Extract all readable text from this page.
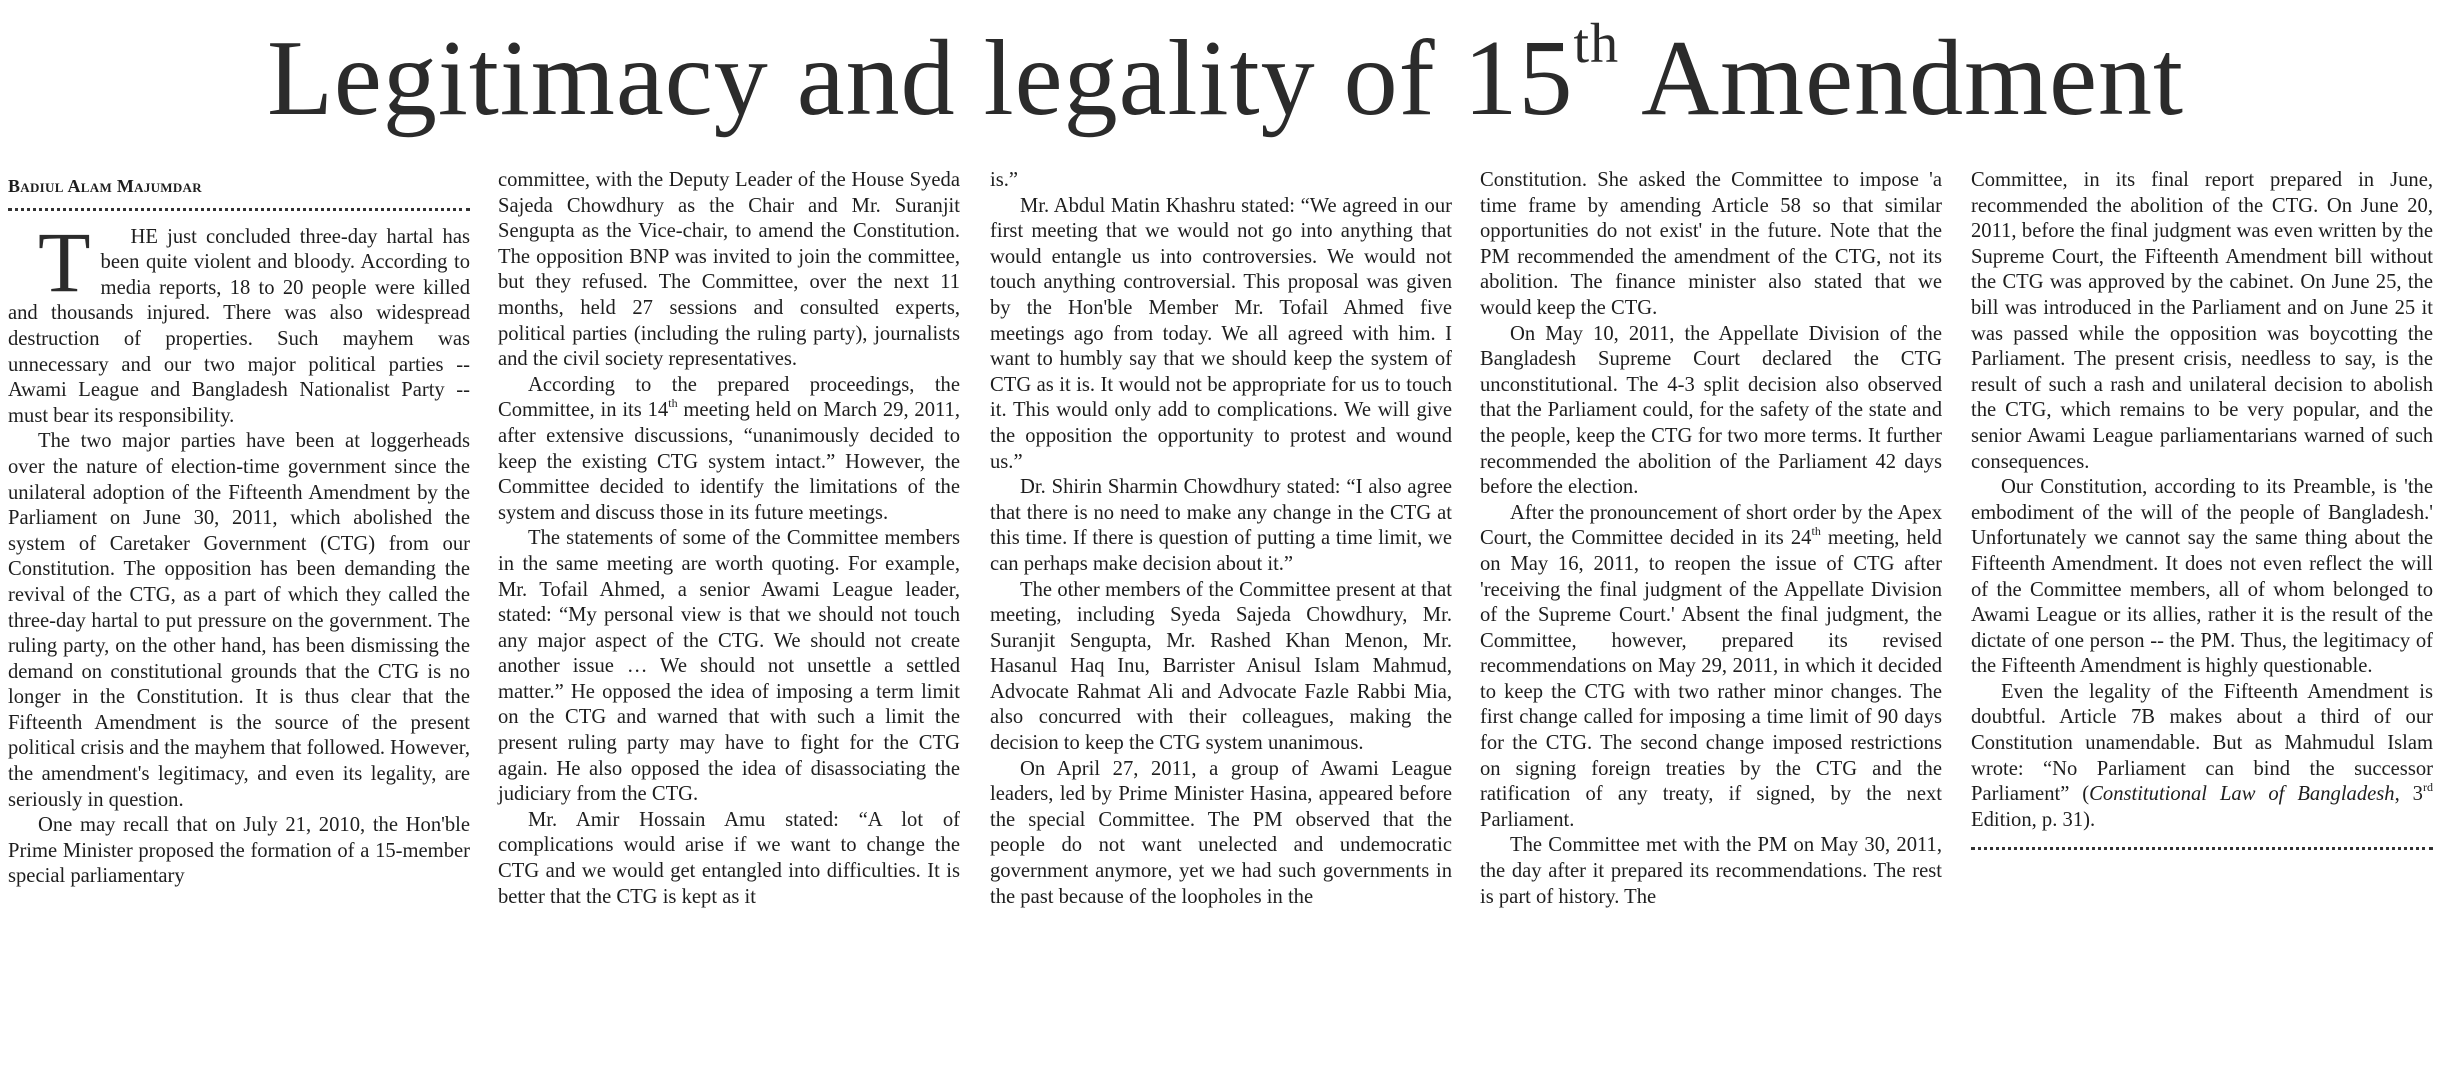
Legitimacy and legality of 15th Amendment
Badiul Alam Majumdar

T HE just concluded three-day hartal has been quite violent and bloody. According to media reports, 18 to 20 people were killed and thousands injured. There was also widespread destruction of properties. Such mayhem was unnecessary and our two major political parties -- Awami League and Bangladesh Nationalist Party -- must bear its responsibility.

The two major parties have been at loggerheads over the nature of election-time government since the unilateral adoption of the Fifteenth Amendment by the Parliament on June 30, 2011, which abolished the system of Caretaker Government (CTG) from our Constitution. The opposition has been demanding the revival of the CTG, as a part of which they called the three-day hartal to put pressure on the government. The ruling party, on the other hand, has been dismissing the demand on constitutional grounds that the CTG is no longer in the Constitution. It is thus clear that the Fifteenth Amendment is the source of the present political crisis and the mayhem that followed. However, the amendment's legitimacy, and even its legality, are seriously in question.

One may recall that on July 21, 2010, the Hon'ble Prime Minister proposed the formation of a 15-member special parliamentary

committee, with the Deputy Leader of the House Syeda Sajeda Chowdhury as the Chair and Mr. Suranjit Sengupta as the Vice-chair, to amend the Constitution. The opposition BNP was invited to join the committee, but they refused. The Committee, over the next 11 months, held 27 sessions and consulted experts, political parties (including the ruling party), journalists and the civil society representatives.

According to the prepared proceedings, the Committee, in its 14th meeting held on March 29, 2011, after extensive discussions, “unanimously decided to keep the existing CTG system intact.” However, the Committee decided to identify the limitations of the system and discuss those in its future meetings.

The statements of some of the Committee members in the same meeting are worth quoting. For example, Mr. Tofail Ahmed, a senior Awami League leader, stated: “My personal view is that we should not touch any major aspect of the CTG. We should not create another issue … We should not unsettle a settled matter.” He opposed the idea of imposing a term limit on the CTG and warned that with such a limit the present ruling party may have to fight for the CTG again. He also opposed the idea of disassociating the judiciary from the CTG.

Mr. Amir Hossain Amu stated: “A lot of complications would arise if we want to change the CTG and we would get entangled into difficulties. It is better that the CTG is kept as it

is.”

Mr. Abdul Matin Khashru stated: “We agreed in our first meeting that we would not go into anything that would entangle us into controversies. We would not touch anything controversial. This proposal was given by the Hon'ble Member Mr. Tofail Ahmed five meetings ago from today. We all agreed with him. I want to humbly say that we should keep the system of CTG as it is. It would not be appropriate for us to touch it. This would only add to complications. We will give the opposition the opportunity to protest and wound us.”

Dr. Shirin Sharmin Chowdhury stated: “I also agree that there is no need to make any change in the CTG at this time. If there is question of putting a time limit, we can perhaps make decision about it.”

The other members of the Committee present at that meeting, including Syeda Sajeda Chowdhury, Mr. Suranjit Sengupta, Mr. Rashed Khan Menon, Mr. Hasanul Haq Inu, Barrister Anisul Islam Mahmud, Advocate Rahmat Ali and Advocate Fazle Rabbi Mia, also concurred with their colleagues, making the decision to keep the CTG system unanimous.

On April 27, 2011, a group of Awami League leaders, led by Prime Minister Hasina, appeared before the special Committee. The PM observed that the people do not want unelected and undemocratic government anymore, yet we had such governments in the past because of the loopholes in the

Constitution. She asked the Committee to impose 'a time frame by amending Article 58 so that similar opportunities do not exist' in the future. Note that the PM recommended the amendment of the CTG, not its abolition. The finance minister also stated that we would keep the CTG.

On May 10, 2011, the Appellate Division of the Bangladesh Supreme Court declared the CTG unconstitutional. The 4-3 split decision also observed that the Parliament could, for the safety of the state and the people, keep the CTG for two more terms. It further recommended the abolition of the Parliament 42 days before the election.

After the pronouncement of short order by the Apex Court, the Committee decided in its 24th meeting, held on May 16, 2011, to reopen the issue of CTG after 'receiving the final judgment of the Appellate Division of the Supreme Court.' Absent the final judgment, the Committee, however, prepared its revised recommendations on May 29, 2011, in which it decided to keep the CTG with two rather minor changes. The first change called for imposing a time limit of 90 days for the CTG. The second change imposed restrictions on signing foreign treaties by the CTG and the ratification of any treaty, if signed, by the next Parliament.

The Committee met with the PM on May 30, 2011, the day after it prepared its recommendations. The rest is part of history. The

Committee, in its final report prepared in June, recommended the abolition of the CTG. On June 20, 2011, before the final judgment was even written by the Supreme Court, the Fifteenth Amendment bill without the CTG was approved by the cabinet. On June 25, the bill was introduced in the Parliament and on June 25 it was passed while the opposition was boycotting the Parliament. The present crisis, needless to say, is the result of such a rash and unilateral decision to abolish the CTG, which remains to be very popular, and the senior Awami League parliamentarians warned of such consequences.

Our Constitution, according to its Preamble, is 'the embodiment of the will of the people of Bangladesh.' Unfortunately we cannot say the same thing about the Fifteenth Amendment. It does not even reflect the will of the Committee members, all of whom belonged to Awami League or its allies, rather it is the result of the dictate of one person -- the PM. Thus, the legitimacy of the Fifteenth Amendment is highly questionable.

Even the legality of the Fifteenth Amendment is doubtful. Article 7B makes about a third of our Constitution unamendable. But as Mahmudul Islam wrote: “No Parliament can bind the successor Parliament” (Constitutional Law of Bangladesh, 3rd Edition, p. 31).
